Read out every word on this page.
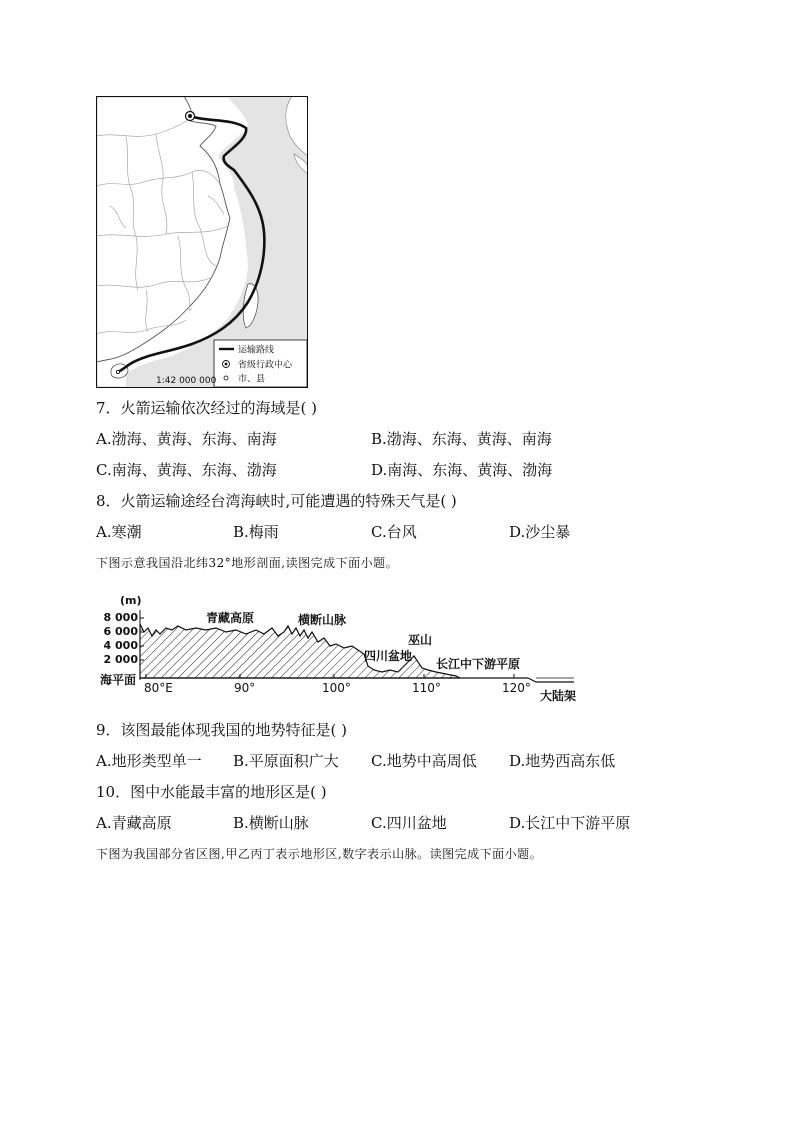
运输路线
省级行政中心
市、县
1:42 000 000
7．火箭运输依次经过的海域是( )
A.渤海、黄海、东海、南海	B.渤海、东海、黄海、南海
C.南海、黄海、东海、渤海	D.南海、东海、黄海、渤海
8．火箭运输途经台湾海峡时,可能遭遇的特殊天气是( )
A.寒潮	B.梅雨	C.台风	D.沙尘暴
下图示意我国沿北纬32°地形剖面,读图完成下面小题。
(m)
8 000
6 000
4 000
2 000
海平面
青藏高原	横断山脉
四川盆地
巫山
长江中下游平原
大陆架
80°E	90°	100°	110°	120°
9．该图最能体现我国的地势特征是( )
A.地形类型单一 B.平原面积广大 C.地势中高周低 D.地势西高东低
10．图中水能最丰富的地形区是( )
A.青藏高原	B.横断山脉	C.四川盆地	D.长江中下游平原
下图为我国部分省区图,甲乙丙丁表示地形区,数字表示山脉。读图完成下面小题。
